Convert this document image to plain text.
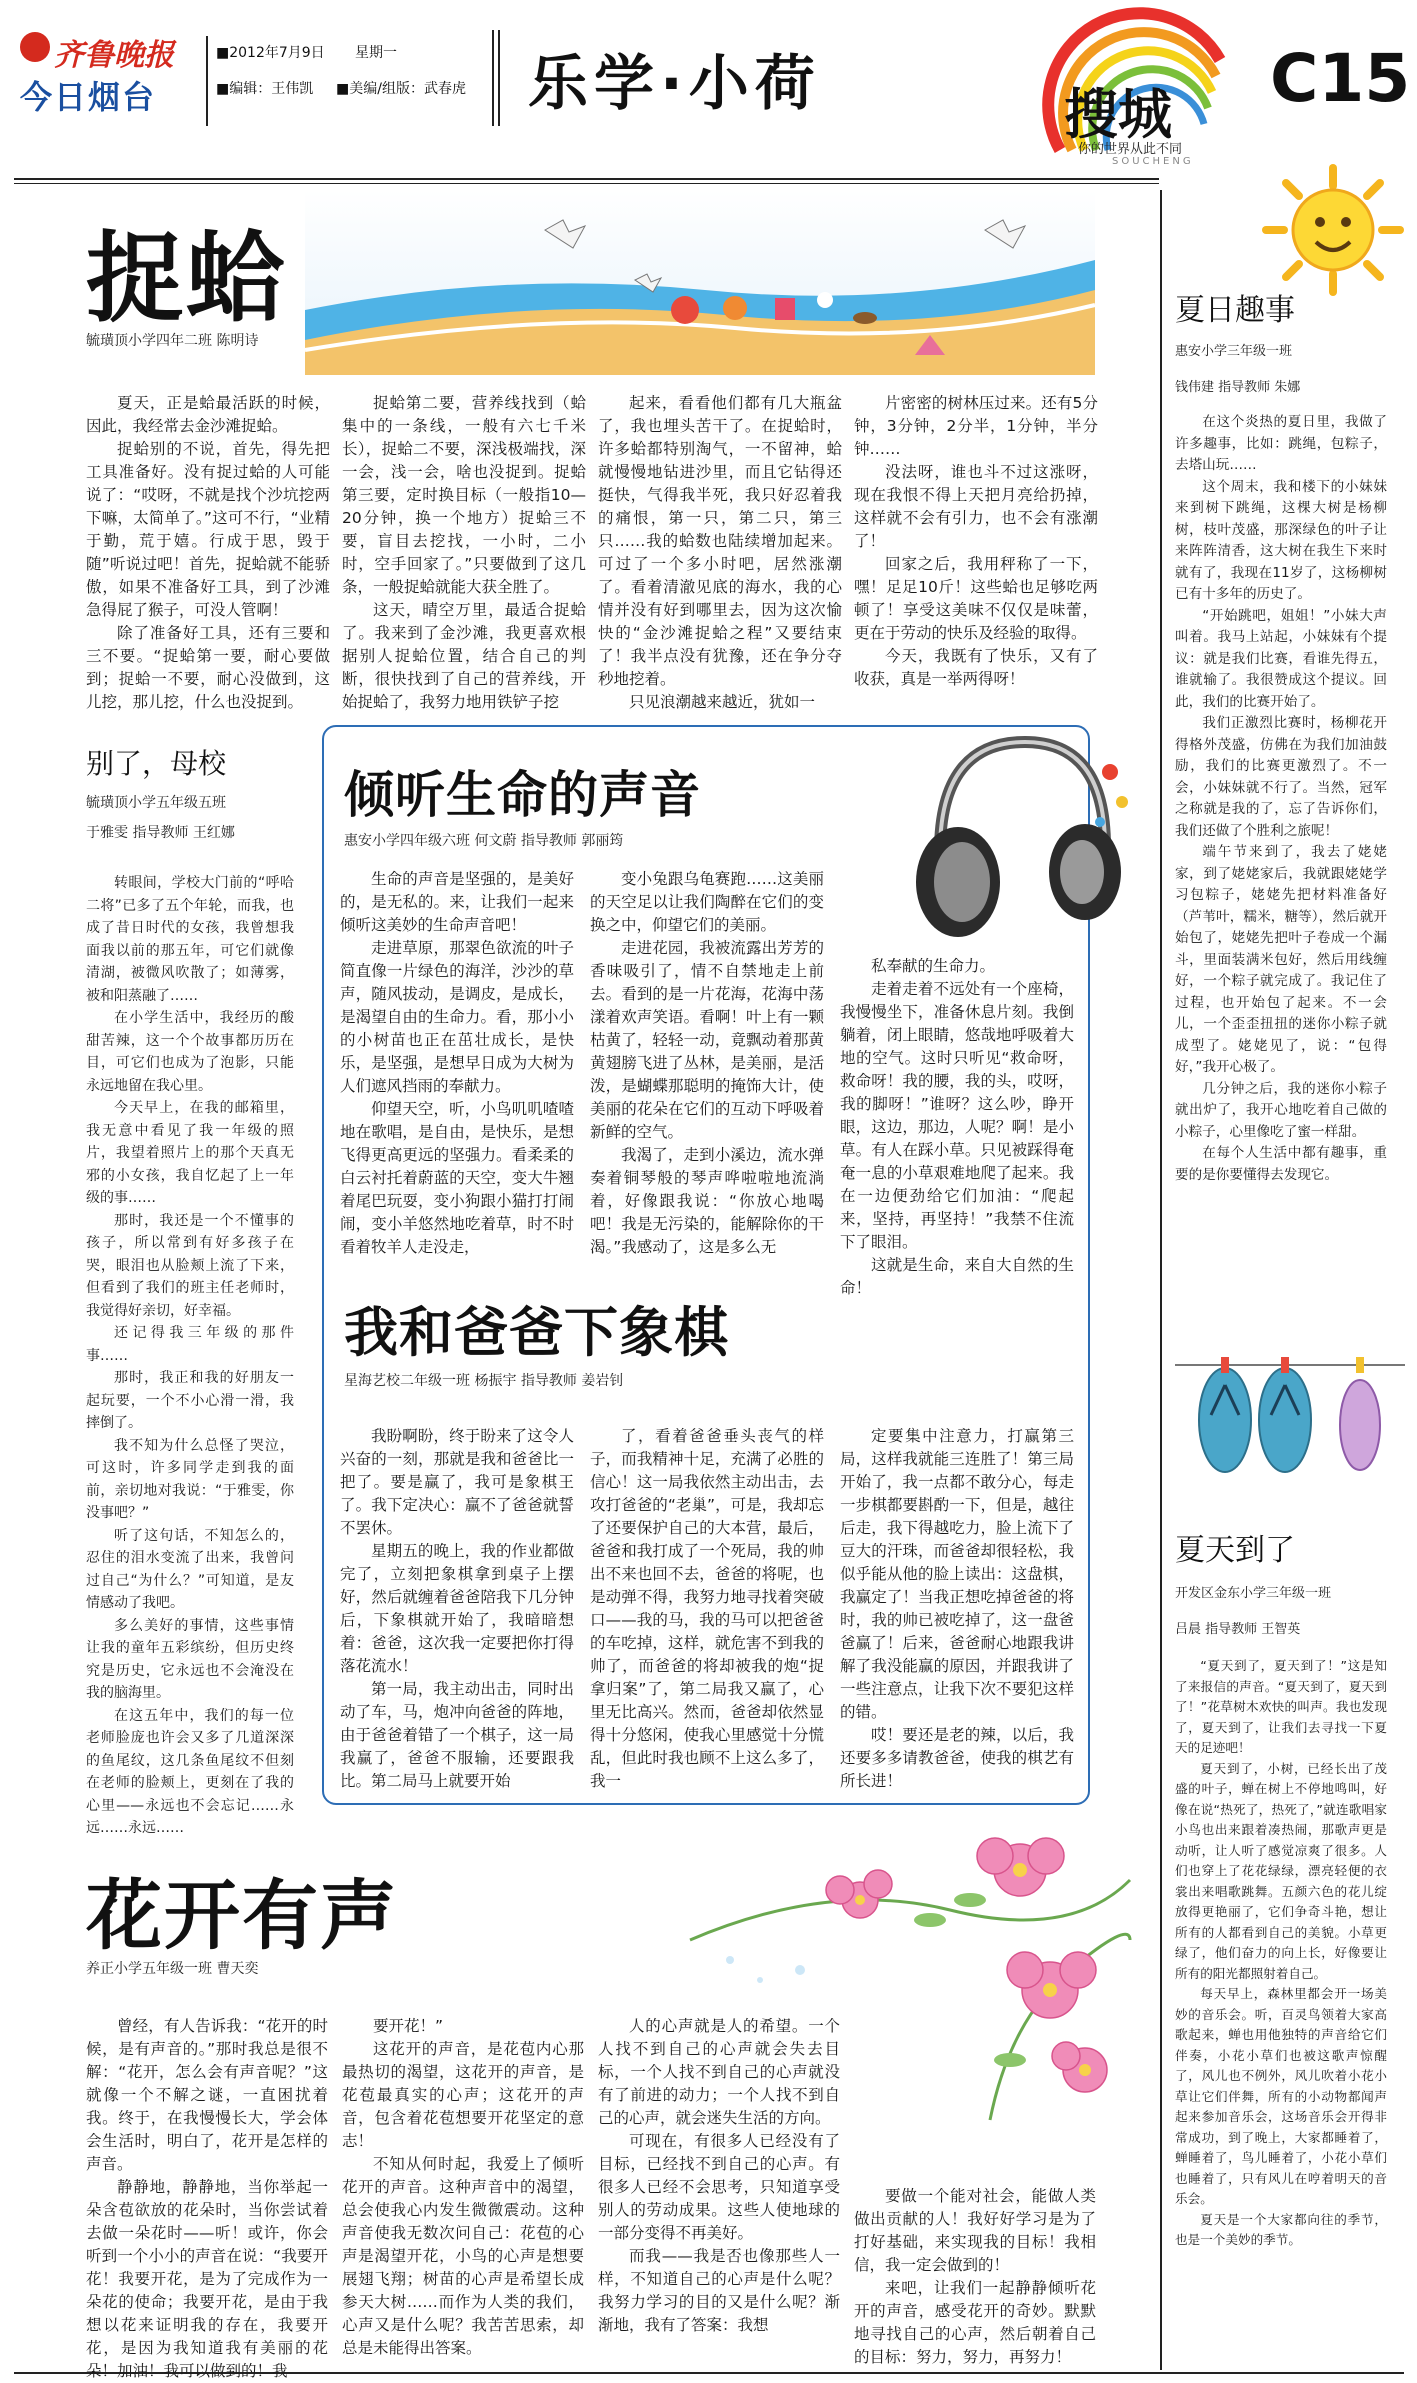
齐鲁晚报
今日烟台
■2012年7月9日 星期一
■编辑：王伟凯 ■美编/组版：武春虎 乐学·小荷	搜城
你的世界从此不同
SOUCHENG
C15
捉蛤
毓璜顶小学四年二班 陈明诗

夏天，正是蛤最活跃的时候，因此，我经常去金沙滩捉蛤。

捉蛤别的不说，首先，得先把工具准备好。没有捉过蛤的人可能说了：“哎呀，不就是找个沙坑挖两下嘛，太简单了。”这可不行，“业精于勤，荒于嬉。行成于思，毁于随”听说过吧！首先，捉蛤就不能骄傲，如果不准备好工具，到了沙滩急得屁了猴子，可没人管啊！

除了准备好工具，还有三要和三不要。“捉蛤第一要，耐心要做到；捉蛤一不要，耐心没做到，这儿挖，那儿挖，什么也没捉到。

捉蛤第二要，营养线找到（蛤集中的一条线，一般有六七千米长），捉蛤二不要，深浅极端找，深一会，浅一会，啥也没捉到。捉蛤第三要，定时换目标（一般指10—20分钟，换一个地方）捉蛤三不要，盲目去挖找，一小时，二小时，空手回家了。”只要做到了这几条，一般捉蛤就能大获全胜了。

这天，晴空万里，最适合捉蛤了。我来到了金沙滩，我更喜欢根据别人捉蛤位置，结合自己的判断，很快找到了自己的营养线，开始捉蛤了，我努力地用铁铲子挖

起来，看看他们都有几大瓶盆了，我也埋头苦干了。在捉蛤时，许多蛤都特别淘气，一不留神，蛤就慢慢地钻进沙里，而且它钻得还挺快，气得我半死，我只好忍着我的痛恨，第一只，第二只，第三只……我的蛤数也陆续增加起来。可过了一个多小时吧，居然涨潮了。看着清澈见底的海水，我的心情并没有好到哪里去，因为这次愉快的“金沙滩捉蛤之程”又要结束了！我半点没有犹豫，还在争分夺秒地挖着。

只见浪潮越来越近，犹如一

片密密的树林压过来。还有5分钟，3分钟，2分半，1分钟，半分钟……

没法呀，谁也斗不过这涨呀，现在我恨不得上天把月亮给扔掉，这样就不会有引力，也不会有涨潮了！

回家之后，我用秤称了一下，嘿！足足10斤！这些蛤也足够吃两顿了！享受这美味不仅仅是味蕾，更在于劳动的快乐及经验的取得。

今天，我既有了快乐，又有了收获，真是一举两得呀！

别了，母校
毓璜顶小学五年级五班
于雅雯 指导教师 王红娜

转眼间，学校大门前的“呼哈二将”已多了五个年轮，而我，也成了昔日时代的女孩，我曾想我面我以前的那五年，可它们就像清湖，被微风吹散了；如薄雾，被和阳蒸融了……

在小学生活中，我经历的酸甜苦辣，这一个个故事都历历在目，可它们也成为了泡影，只能永远地留在我心里。

今天早上，在我的邮箱里，我无意中看见了我一年级的照片，我望着照片上的那个天真无邪的小女孩，我自忆起了上一年级的事……

那时，我还是一个不懂事的孩子，所以常到有好多孩子在哭，眼泪也从脸颊上流了下来，但看到了我们的班主任老师时，我觉得好亲切，好幸福。

还记得我三年级的那件事……

那时，我正和我的好朋友一起玩要，一个不小心滑一滑，我摔倒了。

我不知为什么总怪了哭泣，可这时，许多同学走到我的面前，亲切地对我说：“于雅雯，你没事吧？”

听了这句话，不知怎么的，忍住的泪水变流了出来，我曾问过自己“为什么？”可知道，是友情感动了我吧。

多么美好的事情，这些事情让我的童年五彩缤纷，但历史终究是历史，它永远也不会淹没在我的脑海里。

在这五年中，我们的每一位老师脸庞也许会又多了几道深深的鱼尾纹，这几条鱼尾纹不但刻在老师的脸颊上，更刻在了我的心里——永远也不会忘记……永远……永远……

倾听生命的声音
惠安小学四年级六班 何文蔚 指导教师 郭丽筠

生命的声音是坚强的，是美好的，是无私的。来，让我们一起来倾听这美妙的生命声音吧！

走进草原，那翠色欲流的叶子简直像一片绿色的海洋，沙沙的草声，随风拔动，是调皮，是成长，是渴望自由的生命力。看，那小小的小树苗也正在茁壮成长，是快乐，是坚强，是想早日成为大树为人们遮风挡雨的奉献力。

仰望天空，听，小鸟叽叽喳喳地在歌唱，是自由，是快乐，是想飞得更高更远的坚强力。看柔柔的白云衬托着蔚蓝的天空，变大牛翘着尾巴玩耍，变小狗跟小猫打打闹闹，变小羊悠然地吃着草，时不时看着牧羊人走没走，

变小兔跟乌龟赛跑……这美丽的天空足以让我们陶醉在它们的变换之中，仰望它们的美丽。

走进花园，我被流露出芳芳的香味吸引了，情不自禁地走上前去。看到的是一片花海，花海中荡漾着欢声笑语。看啊！叶上有一颗枯黄了，轻轻一动，竟飘动着那黄黄翅膀飞进了丛林，是美丽，是活泼，是蝴蝶那聪明的掩饰大计，使美丽的花朵在它们的互动下呼吸着新鲜的空气。

我渴了，走到小溪边，流水弹奏着铜琴般的琴声哗啦啦地流淌着，好像跟我说：“你放心地喝吧！我是无污染的，能解除你的干渴。”我感动了，这是多么无

私奉献的生命力。

走着走着不远处有一个座椅，我慢慢坐下，准备休息片刻。我倒躺着，闭上眼睛，悠哉地呼吸着大地的空气。这时只听见“救命呀，救命呀！我的腰，我的头，哎呀，我的脚呀！”谁呀？这么吵，睁开眼，这边，那边，人呢？啊！是小草。有人在踩小草。只见被踩得奄奄一息的小草艰难地爬了起来。我在一边便劲给它们加油：“爬起来，坚持，再坚持！”我禁不住流下了眼泪。

这就是生命，来自大自然的生命！

我和爸爸下象棋
星海艺校二年级一班 杨振宇 指导教师 姜岩钊

我盼啊盼，终于盼来了这令人兴奋的一刻，那就是我和爸爸比一把了。要是赢了，我可是象棋王了。我下定决心：赢不了爸爸就誓不罢休。

星期五的晚上，我的作业都做完了，立刻把象棋拿到桌子上摆好，然后就缠着爸爸陪我下几分钟后，下象棋就开始了，我暗暗想着：爸爸，这次我一定要把你打得落花流水！

第一局，我主动出击，同时出动了车，马，炮冲向爸爸的阵地，由于爸爸着错了一个棋子，这一局我赢了，爸爸不服输，还要跟我比。第二局马上就要开始

了，看着爸爸垂头丧气的样子，而我精神十足，充满了必胜的信心！这一局我依然主动出击，去攻打爸爸的“老巢”，可是，我却忘了还要保护自己的大本营，最后，爸爸和我打成了一个死局，我的帅出不来也回不去，爸爸的将呢，也是动弹不得，我努力地寻找着突破口——我的马，我的马可以把爸爸的车吃掉，这样，就危害不到我的帅了，而爸爸的将却被我的炮“捉拿归案”了，第二局我又赢了，心里无比高兴。然而，爸爸却依然显得十分悠闲，使我心里感觉十分慌乱，但此时我也顾不上这么多了，我一

定要集中注意力，打赢第三局，这样我就能三连胜了！第三局开始了，我一点都不敢分心，每走一步棋都要斟酌一下，但是，越往后走，我下得越吃力，脸上流下了豆大的汗珠，而爸爸却很轻松，我似乎能从他的脸上读出：这盘棋，我赢定了！当我正想吃掉爸爸的将时，我的帅已被吃掉了，这一盘爸爸赢了！后来，爸爸耐心地跟我讲解了我没能赢的原因，并跟我讲了一些注意点，让我下次不要犯这样的错。

哎！要还是老的辣，以后，我还要多多请教爸爸，使我的棋艺有所长进！

花开有声
养正小学五年级一班 曹天奕

曾经，有人告诉我：“花开的时候，是有声音的。”那时我总是很不解：“花开，怎么会有声音呢？”这就像一个不解之谜，一直困扰着我。终于，在我慢慢长大，学会体会生活时，明白了，花开是怎样的声音。

静静地，静静地，当你举起一朵含苞欲放的花朵时，当你尝试着去做一朵花时——听！或许，你会听到一个小小的声音在说：“我要开花！我要开花，是为了完成作为一朵花的使命；我要开花，是由于我想以花来证明我的存在，我要开花，是因为我知道我有美丽的花朵！加油！我可以做到的！我

要开花！”

这花开的声音，是花苞内心那最热切的渴望，这花开的声音，是花苞最真实的心声；这花开的声音，包含着花苞想要开花坚定的意志！

不知从何时起，我爱上了倾听花开的声音。这种声音中的渴望，总会使我心内发生微微震动。这种声音使我无数次问自己：花苞的心声是渴望开花，小鸟的心声是想要展翅飞翔；树苗的心声是希望长成参天大树……而作为人类的我们，心声又是什么呢？我苦苦思索，却总是未能得出答案。

人的心声就是人的希望。一个人找不到自己的心声就会失去目标，一个人找不到自己的心声就没有了前进的动力；一个人找不到自己的心声，就会迷失生活的方向。

可现在，有很多人已经没有了目标，已经找不到自己的心声。有很多人已经不会思考，只知道享受别人的劳动成果。这些人使地球的一部分变得不再美好。

而我——我是否也像那些人一样，不知道自己的心声是什么呢？我努力学习的目的又是什么呢？渐渐地，我有了答案：我想

要做一个能对社会，能做人类做出贡献的人！我好好学习是为了打好基础，来实现我的目标！我相信，我一定会做到的！

来吧，让我们一起静静倾听花开的声音，感受花开的奇妙。默默地寻找自己的心声，然后朝着自己的目标：努力，努力，再努力！

夏日趣事
惠安小学三年级一班
钱伟建 指导教师 朱娜

在这个炎热的夏日里，我做了许多趣事，比如：跳绳，包粽子，去塔山玩……

这个周末，我和楼下的小妹妹来到树下跳绳，这棵大树是杨柳树，枝叶茂盛，那深绿色的叶子让来阵阵清香，这大树在我生下来时就有了，我现在11岁了，这杨柳树已有十多年的历史了。

“开始跳吧，姐姐！”小妹大声叫着。我马上站起，小妹妹有个提议：就是我们比赛，看谁先得五，谁就输了。我很赞成这个提议。回此，我们的比赛开始了。

我们正激烈比赛时，杨柳花开得格外茂盛，仿佛在为我们加油鼓励，我们的比赛更激烈了。不一会，小妹妹就不行了。当然，冠军之称就是我的了，忘了告诉你们，我们还做了个胜利之旅呢！

端午节来到了，我去了姥姥家，到了姥姥家后，我就跟姥姥学习包粽子，姥姥先把材料准备好（芦苇叶，糯米，糖等），然后就开始包了，姥姥先把叶子卷成一个漏斗，里面装满米包好，然后用线缠好，一个粽子就完成了。我记住了过程，也开始包了起来。不一会儿，一个歪歪扭扭的迷你小粽子就成型了。姥姥见了，说：“包得好，”我开心极了。

几分钟之后，我的迷你小粽子就出炉了，我开心地吃着自己做的小粽子，心里像吃了蜜一样甜。

在每个人生活中都有趣事，重要的是你要懂得去发现它。

夏天到了
开发区金东小学三年级一班
吕晨 指导教师 王智英

“夏天到了，夏天到了！”这是知了来报信的声音。“夏天到了，夏天到了！”花草树木欢快的叫声。我也发现了，夏天到了，让我们去寻找一下夏天的足迹吧！

夏天到了，小树，已经长出了茂盛的叶子，蝉在树上不停地鸣叫，好像在说“热死了，热死了，”就连歌唱家小鸟也出来跟着凑热闹，那歌声更是动听，让人听了感觉凉爽了很多。人们也穿上了花花绿绿，漂亮轻便的衣裳出来唱歌跳舞。五颜六色的花儿绽放得更艳丽了，它们争奇斗艳，想让所有的人都看到自己的美貌。小草更绿了，他们奋力的向上长，好像要让所有的阳光都照射着自己。

每天早上，森林里都会开一场美妙的音乐会。听，百灵鸟领着大家高歌起来，蝉也用他独特的声音给它们伴奏，小花小草们也被这歌声惊醒了，风儿也不例外，风儿吹着小花小草让它们伴舞，所有的小动物都闻声起来参加音乐会，这场音乐会开得非常成功，到了晚上，大家都睡着了，蝉睡着了，鸟儿睡着了，小花小草们也睡着了，只有风儿在哼着明天的音乐会。

夏天是一个大家都向往的季节，也是一个美妙的季节。
